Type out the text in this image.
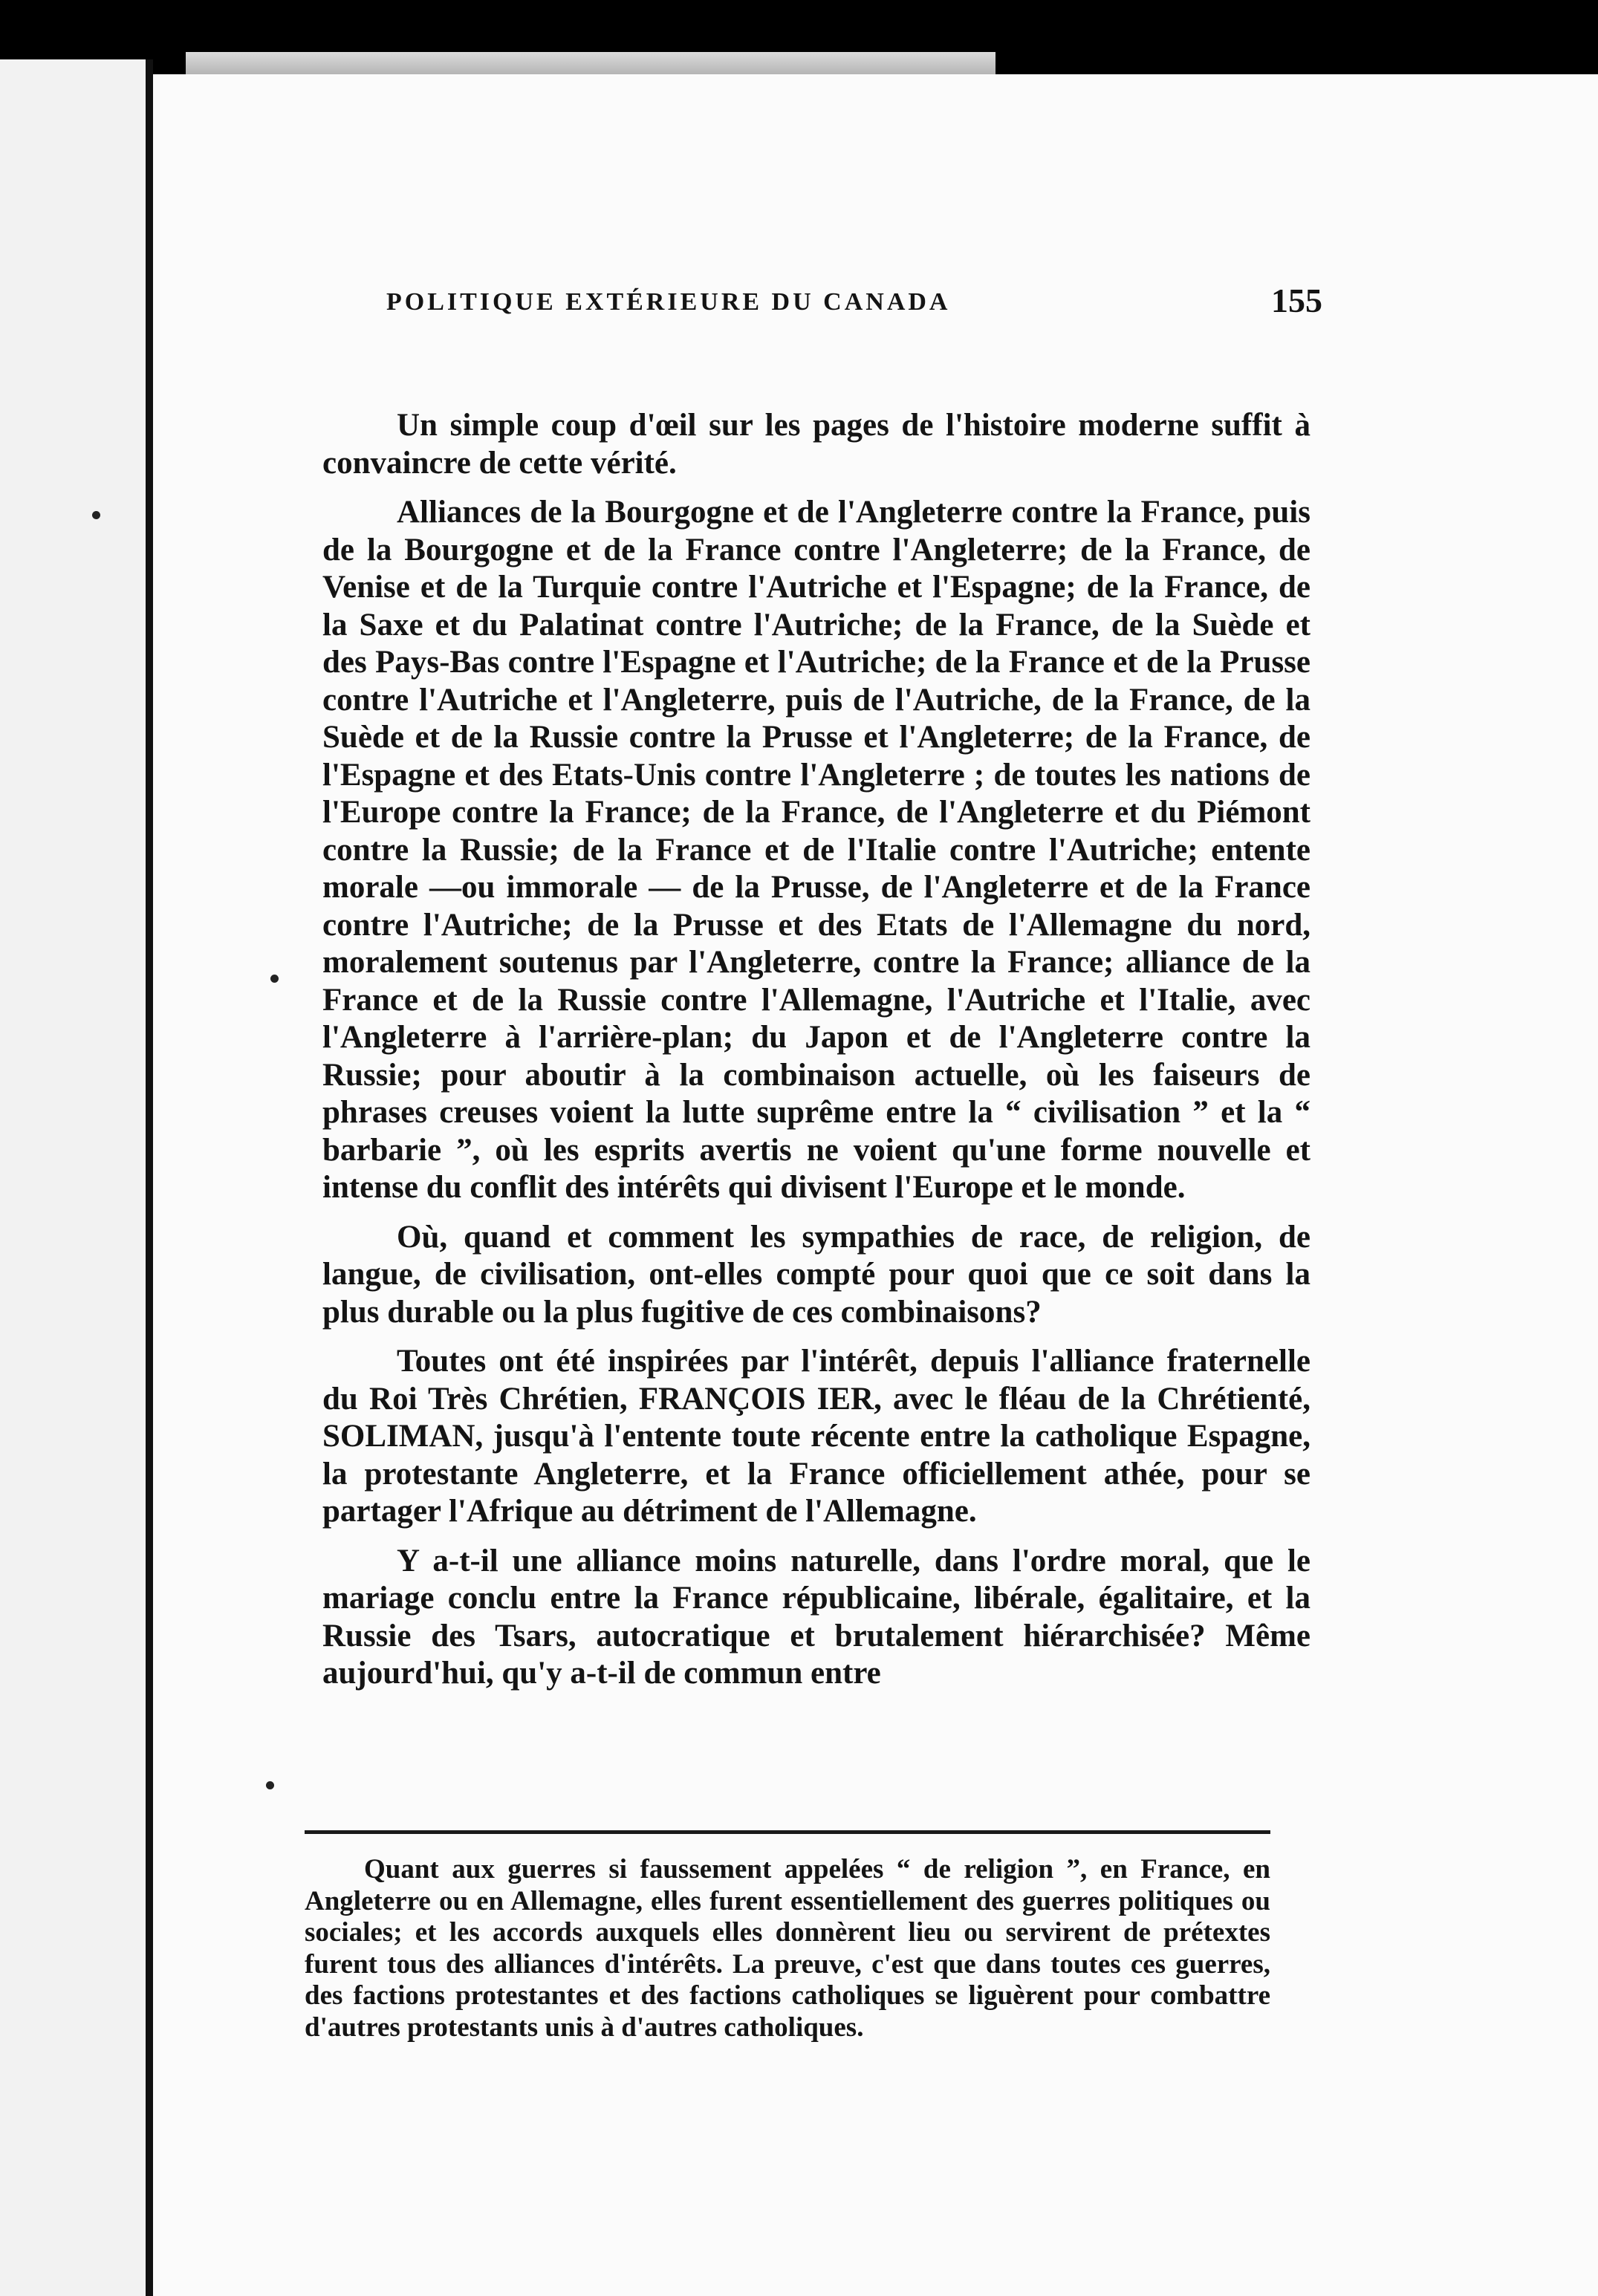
POLITIQUE EXTÉRIEURE DU CANADA	155

Un simple coup d'œil sur les pages de l'histoire moderne suffit à convaincre de cette vérité.

Alliances de la Bourgogne et de l'Angleterre contre la France, puis de la Bourgogne et de la France contre l'Angleterre; de la France, de Venise et de la Turquie contre l'Autriche et l'Espagne; de la France, de la Saxe et du Palatinat contre l'Autriche; de la France, de la Suède et des Pays-Bas contre l'Espagne et l'Autriche; de la France et de la Prusse contre l'Autriche et l'Angleterre, puis de l'Autriche, de la France, de la Suède et de la Russie contre la Prusse et l'Angleterre; de la France, de l'Espagne et des Etats-Unis contre l'Angleterre ; de toutes les nations de l'Europe contre la France; de la France, de l'Angleterre et du Piémont contre la Russie; de la France et de l'Italie contre l'Autriche; entente morale —ou immorale — de la Prusse, de l'Angleterre et de la France contre l'Autriche; de la Prusse et des Etats de l'Allemagne du nord, moralement soutenus par l'Angleterre, contre la France; alliance de la France et de la Russie contre l'Allemagne, l'Autriche et l'Italie, avec l'Angleterre à l'arrière-plan; du Japon et de l'Angleterre contre la Russie; pour aboutir à la combinaison actuelle, où les faiseurs de phrases creuses voient la lutte suprême entre la “ civilisation ” et la “ barbarie ”, où les esprits avertis ne voient qu'une forme nouvelle et intense du conflit des intérêts qui divisent l'Europe et le monde.

Où, quand et comment les sympathies de race, de religion, de langue, de civilisation, ont-elles compté pour quoi que ce soit dans la plus durable ou la plus fugitive de ces combinaisons?

Toutes ont été inspirées par l'intérêt, depuis l'alliance fraternelle du Roi Très Chrétien, FRANÇOIS IER, avec le fléau de la Chrétienté, SOLIMAN, jusqu'à l'entente toute récente entre la catholique Espagne, la protestante Angleterre, et la France officiellement athée, pour se partager l'Afrique au détriment de l'Allemagne.

Y a-t-il une alliance moins naturelle, dans l'ordre moral, que le mariage conclu entre la France républicaine, libérale, égalitaire, et la Russie des Tsars, autocratique et brutalement hiérarchisée? Même aujourd'hui, qu'y a-t-il de commun entre

Quant aux guerres si faussement appelées “ de religion ”, en France, en Angleterre ou en Allemagne, elles furent essentiellement des guerres politiques ou sociales; et les accords auxquels elles donnèrent lieu ou servirent de prétextes furent tous des alliances d'intérêts. La preuve, c'est que dans toutes ces guerres, des factions protestantes et des factions catholiques se liguèrent pour combattre d'autres protestants unis à d'autres catholiques.
